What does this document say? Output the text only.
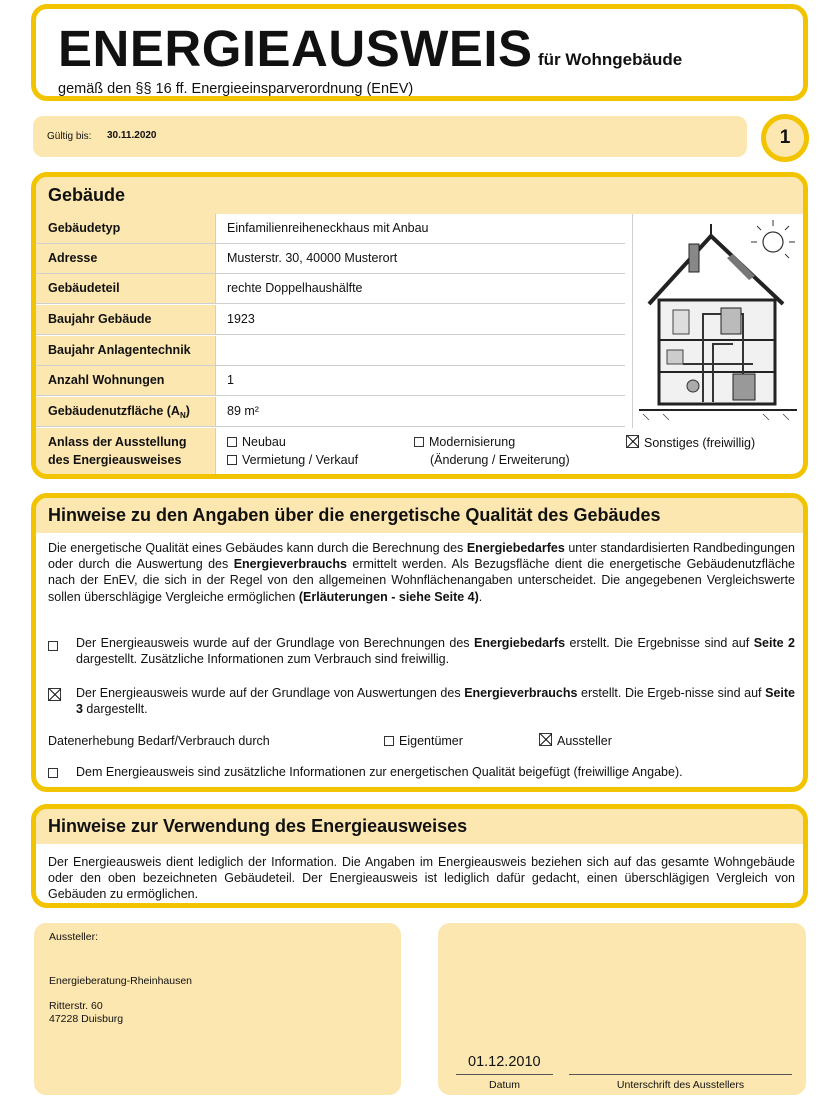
ENERGIEAUSWEIS für Wohngebäude
gemäß den §§ 16 ff. Energieeinsparverordnung (EnEV)
Gültig bis: 30.11.2020	1
Gebäude
Gebäudetyp	Einfamilienreiheneckhaus mit Anbau
Adresse	Musterstr. 30, 40000 Musterort
Gebäudeteil	rechte Doppelhaushälfte
Baujahr Gebäude	1923
Baujahr Anlagentechnik
Anzahl Wohnungen	1
Gebäudenutzfläche $(A_N)$	89 m²
Anlass der Ausstellung
des Energieausweises
Neubau
Vermietung / Verkauf
Modernisierung
(Änderung / Erweiterung)
Sonstiges (freiwillig)
Hinweise zu den Angaben über die energetische Qualität des Gebäudes
Die energetische Qualität eines Gebäudes kann durch die Berechnung des Energiebedarfes unter standardisierten Randbedingungen oder durch die Auswertung des Energieverbrauchs ermittelt werden. Als Bezugsfläche dient die energetische Gebäudenutzfläche nach der EnEV, die sich in der Regel von den allgemeinen Wohnflächenangaben unterscheidet. Die angegebenen Vergleichswerte sollen überschlägige Vergleiche ermöglichen (Erläuterungen - siehe Seite 4).
Der Energieausweis wurde auf der Grundlage von Berechnungen des Energiebedarfs erstellt. Die Ergebnisse sind auf Seite 2 dargestellt. Zusätzliche Informationen zum Verbrauch sind freiwillig.
Der Energieausweis wurde auf der Grundlage von Auswertungen des Energieverbrauchs erstellt. Die Ergeb-nisse sind auf Seite 3 dargestellt.
Datenerhebung Bedarf/Verbrauch durch	Eigentümer	Aussteller
Dem Energieausweis sind zusätzliche Informationen zur energetischen Qualität beigefügt (freiwillige Angabe).
Hinweise zur Verwendung des Energieausweises
Der Energieausweis dient lediglich der Information. Die Angaben im Energieausweis beziehen sich auf das gesamte Wohngebäude oder den oben bezeichneten Gebäudeteil. Der Energieausweis ist lediglich dafür gedacht, einen überschlägigen Vergleich von Gebäuden zu ermöglichen.
Aussteller:
Energieberatung-Rheinhausen
Ritterstr. 60
47228 Duisburg
01.12.2010
Datum	Unterschrift des Ausstellers
